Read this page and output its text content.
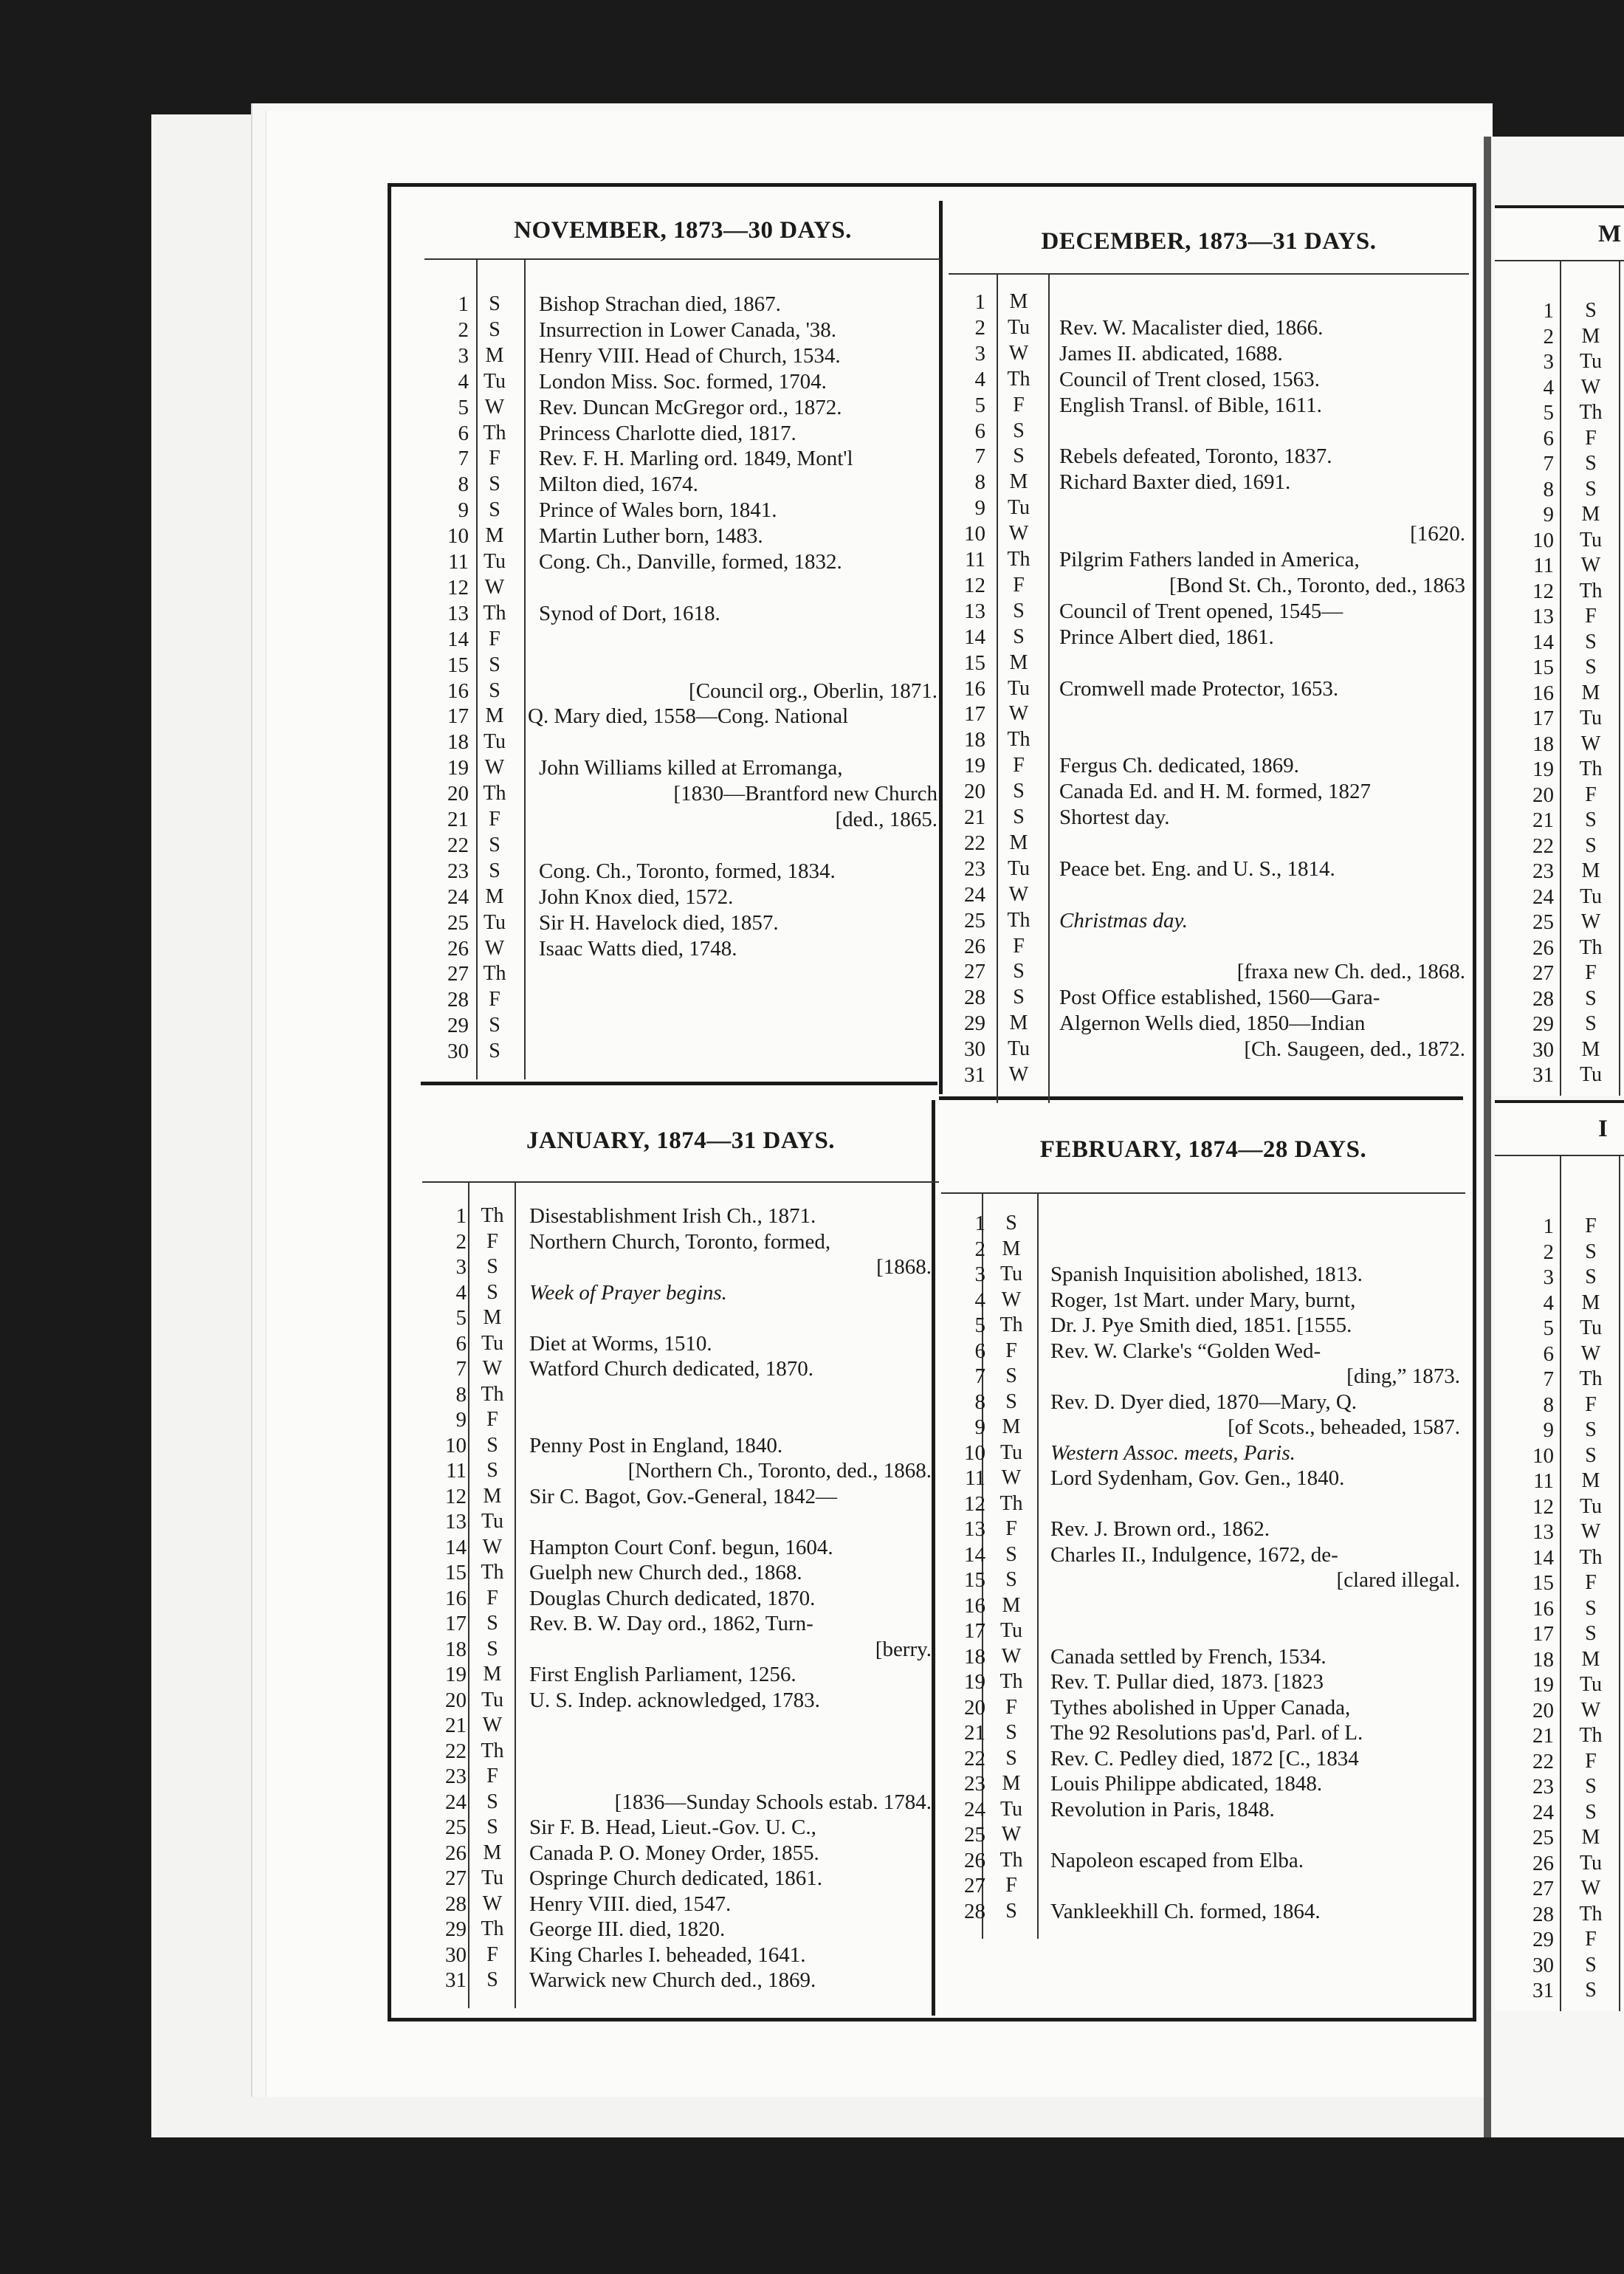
NOVEMBER, 1873—30 DAYS.
1 S	Bishop Strachan died, 1867.
2 S	Insurrection in Lower Canada, '38.
3 M	Henry VIII. Head of Church, 1534.
4 Tu	London Miss. Soc. formed, 1704.
5 W	Rev. Duncan McGregor ord., 1872.
6 Th	Princess Charlotte died, 1817.
7 F	Rev. F. H. Marling ord. 1849, Mont'l
8 S	Milton died, 1674.
9 S	Prince of Wales born, 1841.
10 M	Martin Luther born, 1483.
11 Tu	Cong. Ch., Danville, formed, 1832.
12 W
13 Th	Synod of Dort, 1618.
14 F
15 S
16 S	[Council org., Oberlin, 1871.
17 M	Q. Mary died, 1558—Cong. National
18 Tu
19 W	John Williams killed at Erromanga,
20 Th	[1830—Brantford new Church
21 F	[ded., 1865.
22 S
23 S	Cong. Ch., Toronto, formed, 1834.
24 M	John Knox died, 1572.
25 Tu	Sir H. Havelock died, 1857.
26 W	Isaac Watts died, 1748.
27 Th
28 F
29 S
30 S
DECEMBER, 1873—31 DAYS.
1	M
2	Tu	Rev. W. Macalister died, 1866.
3	W	James II. abdicated, 1688.
4	Th	Council of Trent closed, 1563.
5	F	English Transl. of Bible, 1611.
6	S
7	S	Rebels defeated, Toronto, 1837.
8	M	Richard Baxter died, 1691.
9	Tu
10	W	[1620.
11	Th	Pilgrim Fathers landed in America,
12	F	[Bond St. Ch., Toronto, ded., 1863
13	S	Council of Trent opened, 1545—
14	S	Prince Albert died, 1861.
15	M
16	Tu	Cromwell made Protector, 1653.
17	W
18	Th
19	F	Fergus Ch. dedicated, 1869.
20	S	Canada Ed. and H. M. formed, 1827
21	S	Shortest day.
22	M
23	Tu	Peace bet. Eng. and U. S., 1814.
24	W
25	Th	Christmas day.
26	F
27	S	[fraxa new Ch. ded., 1868.
28	S	Post Office established, 1560—Gara-
29	M	Algernon Wells died, 1850—Indian
30	Tu	[Ch. Saugeen, ded., 1872.
31	W
JANUARY, 1874—31 DAYS.
1 Th	Disestablishment Irish Ch., 1871.
2 F	Northern Church, Toronto, formed,
3 S	[1868.
4 S	Week of Prayer begins.
5 M
6 Tu	Diet at Worms, 1510.
7 W	Watford Church dedicated, 1870.
8 Th
9 F
10 S	Penny Post in England, 1840.
11 S	[Northern Ch., Toronto, ded., 1868.
12 M	Sir C. Bagot, Gov.-General, 1842—
13 Tu
14 W	Hampton Court Conf. begun, 1604.
15 Th	Guelph new Church ded., 1868.
16 F	Douglas Church dedicated, 1870.
17 S	Rev. B. W. Day ord., 1862, Turn-
18 S	[berry.
19 M	First English Parliament, 1256.
20 Tu	U. S. Indep. acknowledged, 1783.
21 W
22 Th
23 F
24 S	[1836—Sunday Schools estab. 1784.
25 S	Sir F. B. Head, Lieut.-Gov. U. C.,
26 M	Canada P. O. Money Order, 1855.
27 Tu	Ospringe Church dedicated, 1861.
28 W	Henry VIII. died, 1547.
29 Th	George III. died, 1820.
30 F	King Charles I. beheaded, 1641.
31 S	Warwick new Church ded., 1869.
FEBRUARY, 1874—28 DAYS.
1 S
2 M
3 Tu	Spanish Inquisition abolished, 1813.
4 W	Roger, 1st Mart. under Mary, burnt,
5 Th	Dr. J. Pye Smith died, 1851. [1555.
6 F	Rev. W. Clarke's “Golden Wed-
7 S	[ding,” 1873.
8 S	Rev. D. Dyer died, 1870—Mary, Q.
9 M	[of Scots., beheaded, 1587.
10 Tu	Western Assoc. meets, Paris.
11 W	Lord Sydenham, Gov. Gen., 1840.
12 Th
13 F	Rev. J. Brown ord., 1862.
14 S	Charles II., Indulgence, 1672, de-
15 S	[clared illegal.
16 M
17 Tu
18 W	Canada settled by French, 1534.
19 Th	Rev. T. Pullar died, 1873. [1823
20 F	Tythes abolished in Upper Canada,
21 S	The 92 Resolutions pas'd, Parl. of L.
22 S	Rev. C. Pedley died, 1872 [C., 1834
23 M	Louis Philippe abdicated, 1848.
24 Tu	Revolution in Paris, 1848.
25 W
26 Th	Napoleon escaped from Elba.
27 F
28 S	Vankleekhill Ch. formed, 1864.
M
1	S
2	M
3	Tu
4	W
5	Th
6	F
7	S
8	S
9	M
10	Tu
11	W
12	Th
13	F
14	S
15	S
16	M
17	Tu
18	W
19	Th
20	F
21	S
22	S
23	M
24	Tu
25	W
26	Th
27	F
28	S
29	S
30	M
31	Tu
I
1	F
2	S
3	S
4	M
5	Tu
6	W
7	Th
8	F
9	S
10	S
11	M
12	Tu
13	W
14	Th
15	F
16	S
17	S
18	M
19	Tu
20	W
21	Th
22	F
23	S
24	S
25	M
26	Tu
27	W
28	Th
29	F
30	S
31	S
